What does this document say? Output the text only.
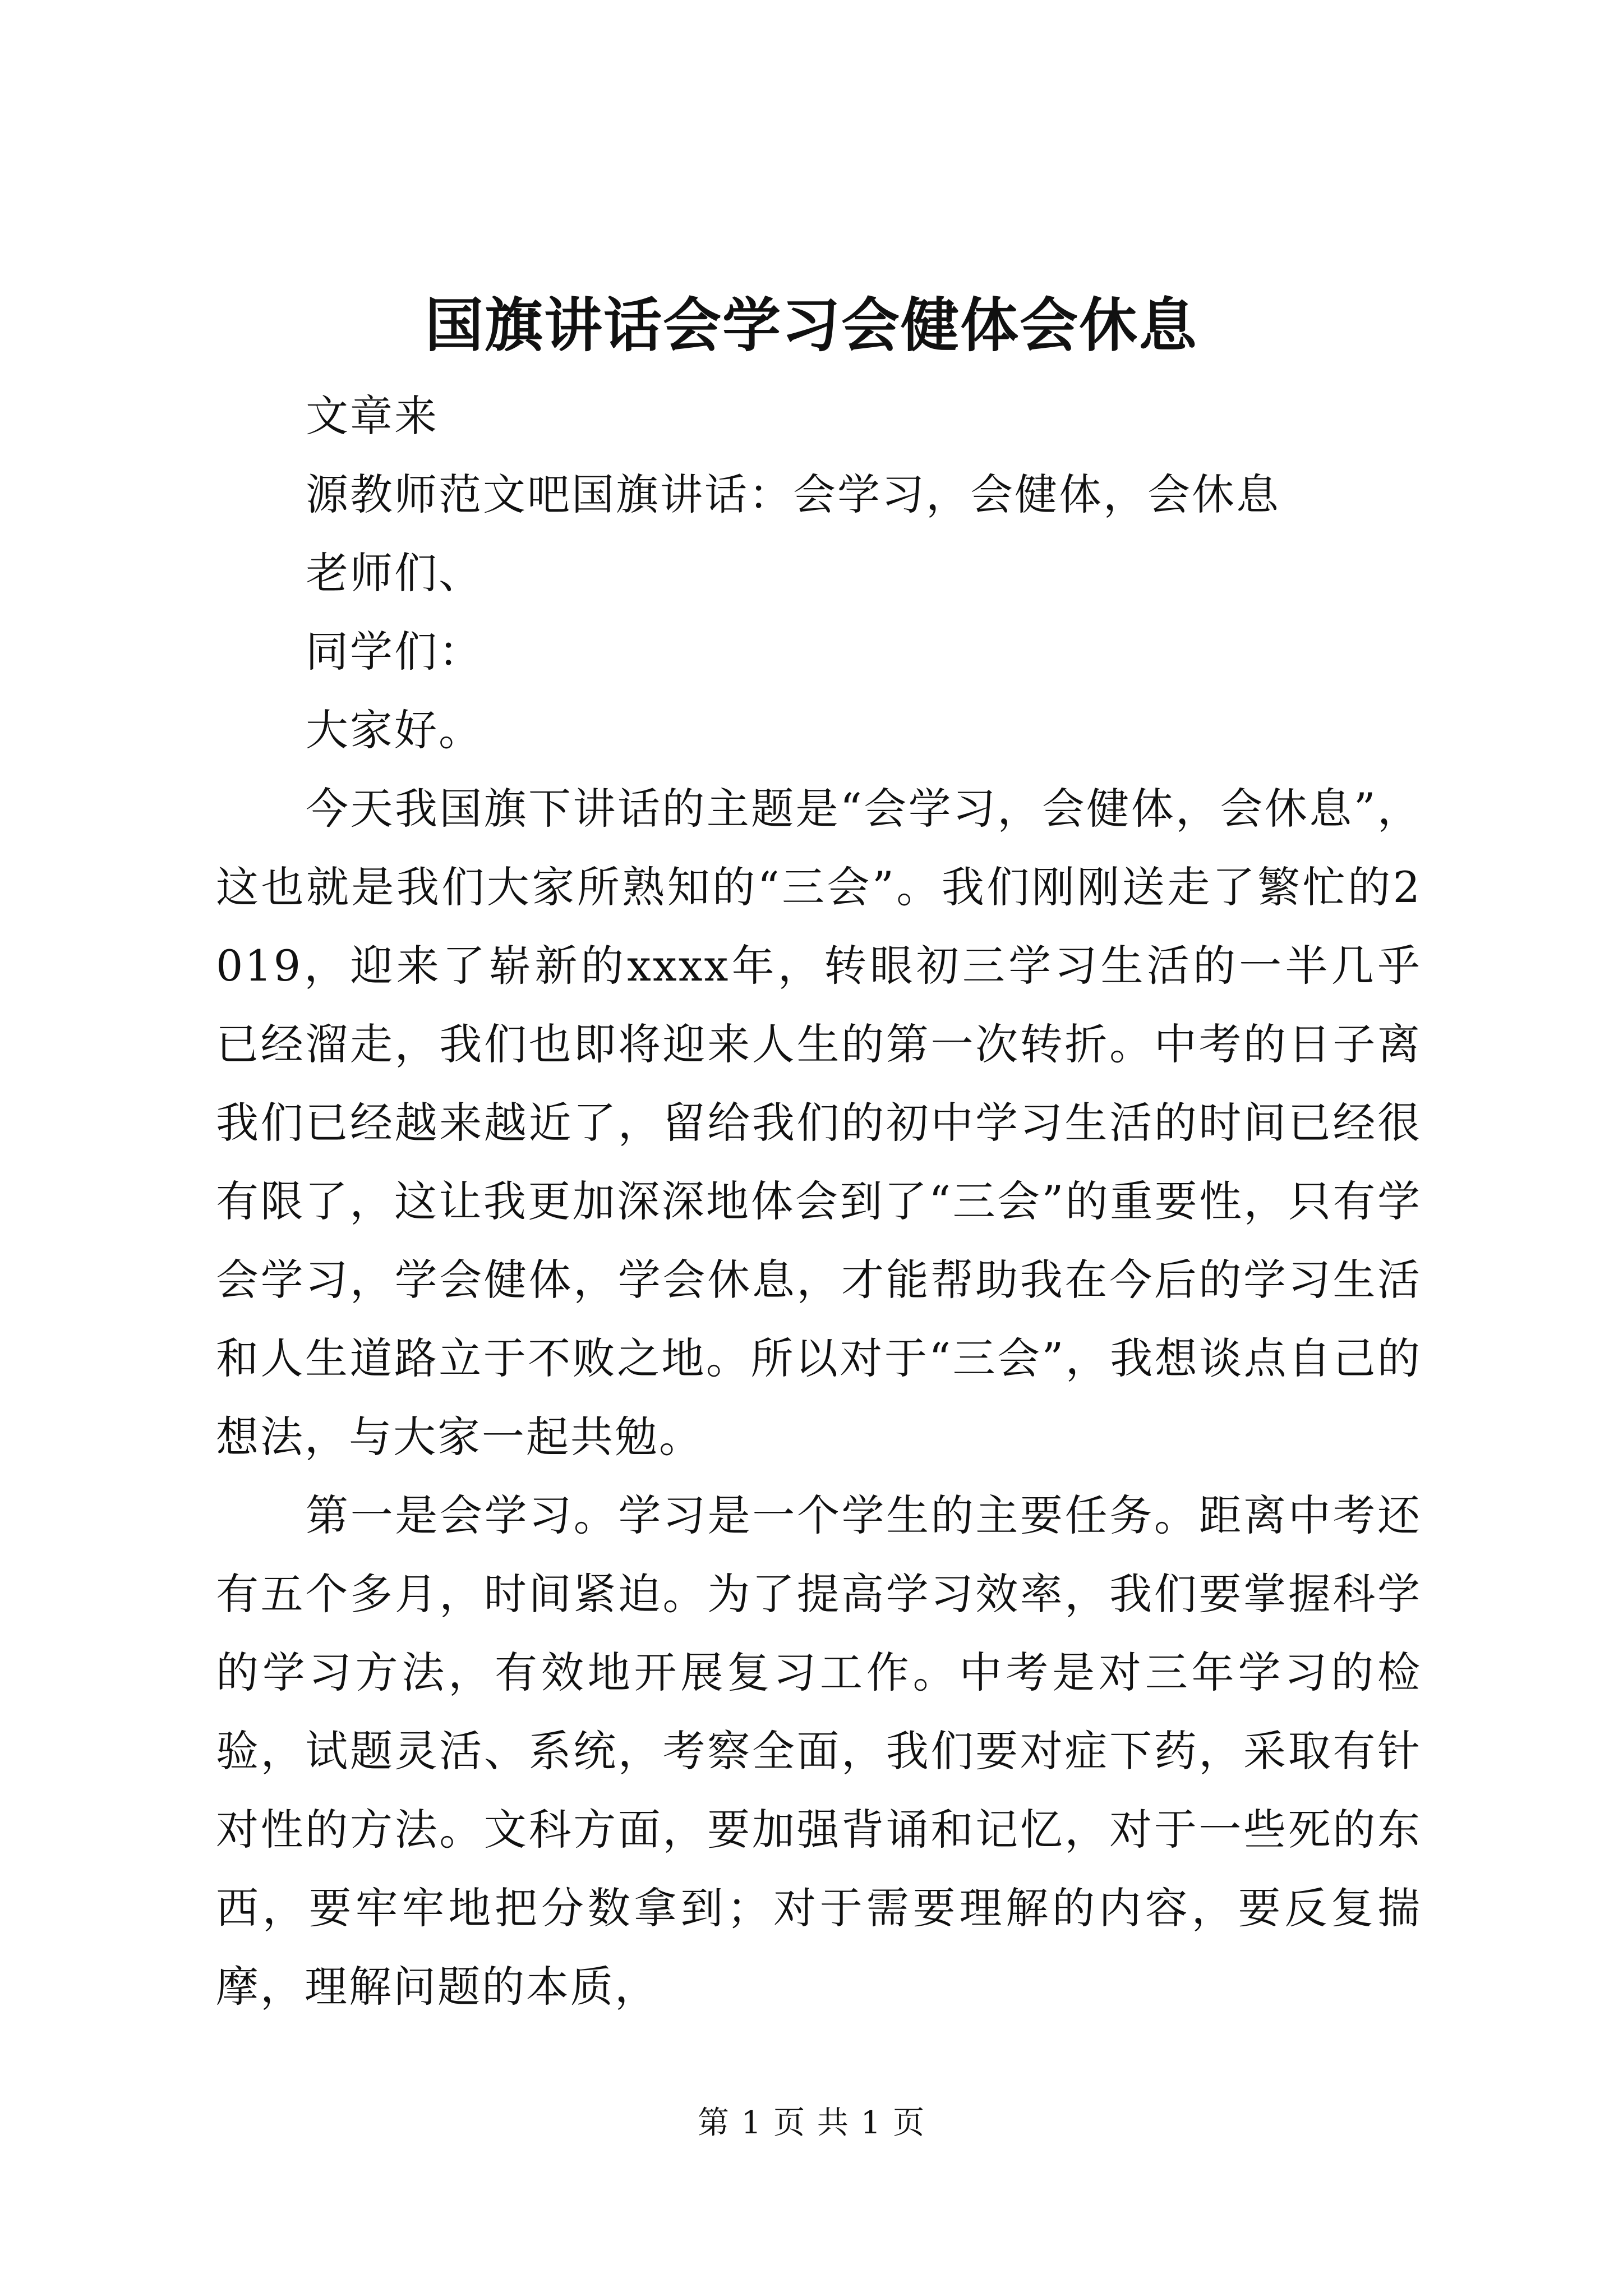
国旗讲话会学习会健体会休息

文章来

源教师范文吧国旗讲话：会学习，会健体，会休息

老师们、

同学们：

大家好。

今天我国旗下讲话的主题是“会学习，会健体，会休息”，这也就是我们大家所熟知的“三会”。我们刚刚送走了繁忙的2019，迎来了崭新的xxxx年，转眼初三学习生活的一半几乎已经溜走，我们也即将迎来人生的第一次转折。中考的日子离我们已经越来越近了，留给我们的初中学习生活的时间已经很有限了，这让我更加深深地体会到了“三会”的重要性，只有学会学习，学会健体，学会休息，才能帮助我在今后的学习生活和人生道路立于不败之地。所以对于“三会”，我想谈点自己的想法，与大家一起共勉。

第一是会学习。学习是一个学生的主要任务。距离中考还有五个多月，时间紧迫。为了提高学习效率，我们要掌握科学的学习方法，有效地开展复习工作。中考是对三年学习的检验，试题灵活、系统，考察全面，我们要对症下药，采取有针对性的方法。文科方面，要加强背诵和记忆，对于一些死的东西，要牢牢地把分数拿到；对于需要理解的内容，要反复揣摩，理解问题的本质，

第 1 页 共 1 页
